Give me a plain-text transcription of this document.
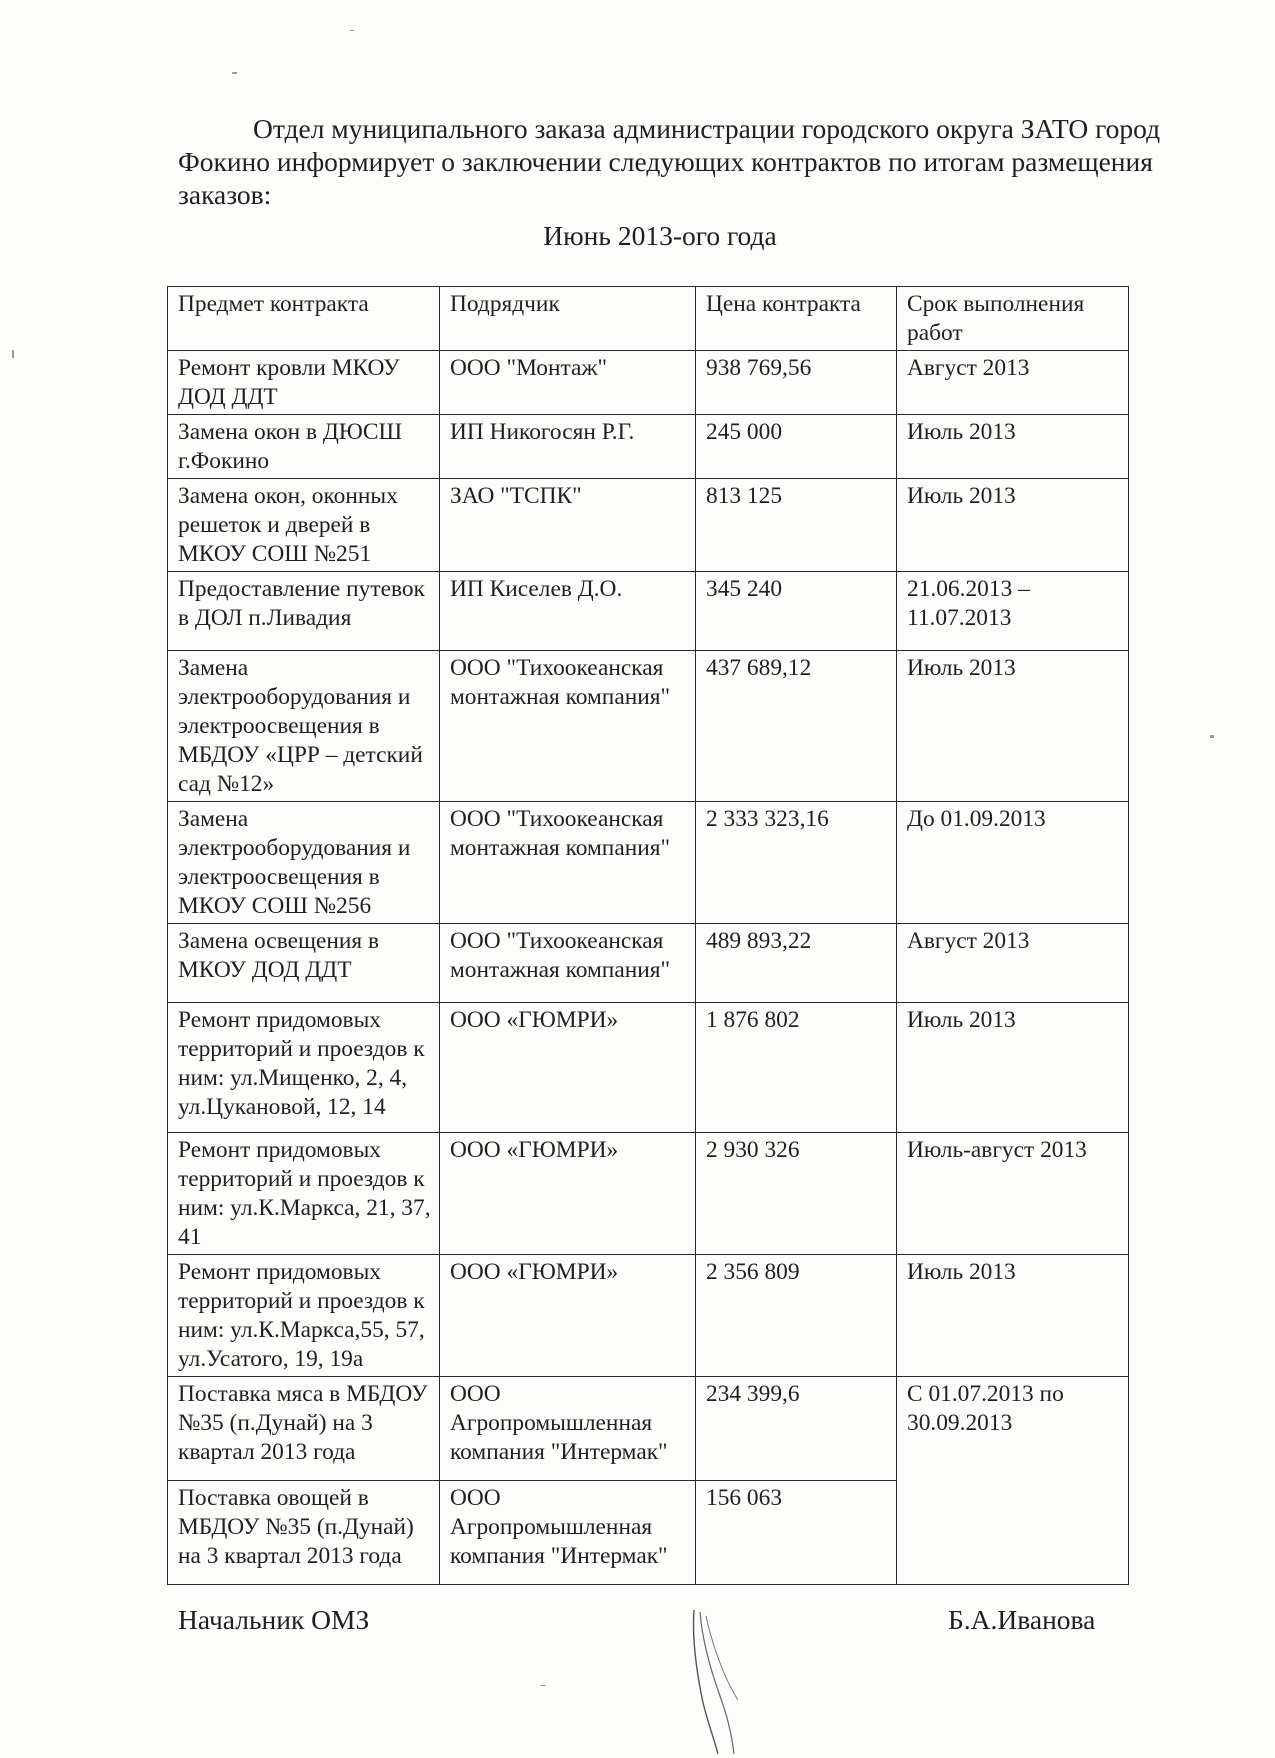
Отдел муниципального заказа администрации городского округа ЗАТО город Фокино информирует о заключении следующих контрактов по итогам размещения заказов:

Июнь 2013-ого года

Предмет контракта	Подрядчик	Цена контракта	Срок выполнения работ
Ремонт кровли МКОУ ДОД ДДТ	ООО "Монтаж"	938 769,56	Август 2013
Замена окон в ДЮСШ г.Фокино	ИП Никогосян Р.Г.	245 000	Июль 2013
Замена окон, оконных решеток и дверей в МКОУ СОШ №251	ЗАО "ТСПК"	813 125	Июль 2013
Предоставление путевок в ДОЛ п.Ливадия	ИП Киселев Д.О.	345 240	21.06.2013 – 11.07.2013
Замена электрооборудования и электроосвещения в МБДОУ «ЦРР – детский сад №12»	ООО "Тихоокеанская монтажная компания"	437 689,12	Июль 2013
Замена электрооборудования и электроосвещения в МКОУ СОШ №256	ООО "Тихоокеанская монтажная компания"	2 333 323,16	До 01.09.2013
Замена освещения в МКОУ ДОД ДДТ	ООО "Тихоокеанская монтажная компания"	489 893,22	Август 2013
Ремонт придомовых территорий и проездов к ним: ул.Мищенко, 2, 4, ул.Цукановой, 12, 14	ООО «ГЮМРИ»	1 876 802	Июль 2013
Ремонт придомовых территорий и проездов к ним: ул.К.Маркса, 21, 37, 41	ООО «ГЮМРИ»	2 930 326	Июль-август 2013
Ремонт придомовых территорий и проездов к ним: ул.К.Маркса,55, 57, ул.Усатого, 19, 19а	ООО «ГЮМРИ»	2 356 809	Июль 2013
Поставка мяса в МБДОУ №35 (п.Дунай) на 3 квартал 2013 года	ООО Агропромышленная компания "Интермак"	234 399,6	С 01.07.2013 по 30.09.2013
Поставка овощей в МБДОУ №35 (п.Дунай) на 3 квартал 2013 года	ООО Агропромышленная компания "Интермак"	156 063	

Начальник ОМЗ	Б.А.Иванова
